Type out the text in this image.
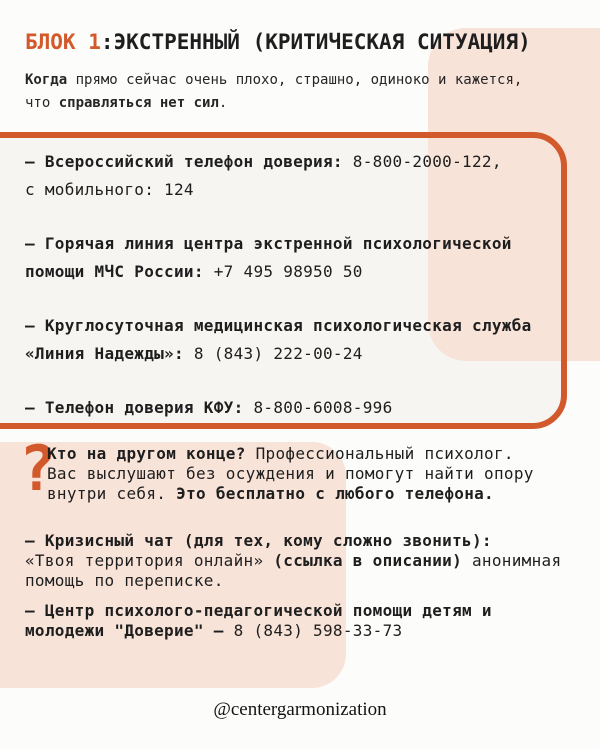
БЛОК 1:ЭКСТРЕННЫЙ (КРИТИЧЕСКАЯ СИТУАЦИЯ)
Когда прямо сейчас очень плохо, страшно, одиноко и кажется,
что справляться нет сил.
— Всероссийский телефон доверия: 8-800-2000-122,
с мобильного: 124
— Горячая линия центра экстренной психологической
помощи МЧС России: +7 495 98950 50
— Круглосуточная медицинская психологическая служба
«Линия Надежды»: 8 (843) 222-00-24
— Телефон доверия КФУ: 8-800-6008-996
?
Кто на другом конце? Профессиональный психолог.
Вас выслушают без осуждения и помогут найти опору
внутри себя. Это бесплатно с любого телефона.
— Кризисный чат (для тех, кому сложно звонить):
«Твоя территория онлайн» (ссылка в описании) анонимная
помощь по переписке.
— Центр психолого-педагогической помощи детям и
молодежи "Доверие" – 8 (843) 598-33-73
@centergarmonization
